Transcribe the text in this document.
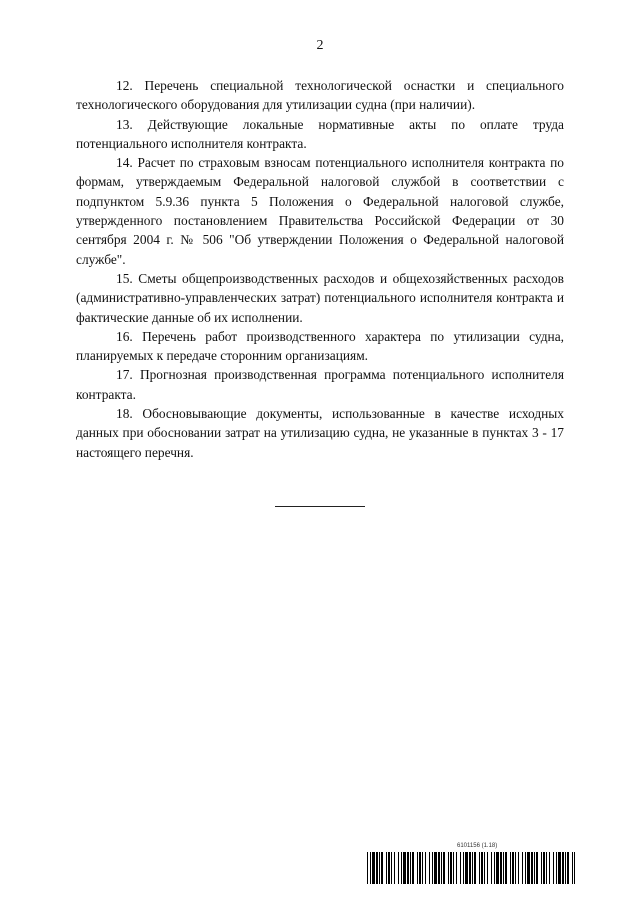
2

12. Перечень специальной технологической оснастки и специального технологического оборудования для утилизации судна (при наличии).

13. Действующие локальные нормативные акты по оплате труда потенциального исполнителя контракта.

14. Расчет по страховым взносам потенциального исполнителя контракта по формам, утверждаемым Федеральной налоговой службой в соответствии с подпунктом 5.9.36 пункта 5 Положения о Федеральной налоговой службе, утвержденного постановлением Правительства Российской Федерации от 30 сентября 2004 г. № 506 "Об утверждении Положения о Федеральной налоговой службе".

15. Сметы общепроизводственных расходов и общехозяйственных расходов (административно-управленческих затрат) потенциального исполнителя контракта и фактические данные об их исполнении.

16. Перечень работ производственного характера по утилизации судна, планируемых к передаче сторонним организациям.

17. Прогнозная производственная программа потенциального исполнителя контракта.

18. Обосновывающие документы, использованные в качестве исходных данных при обосновании затрат на утилизацию судна, не указанные в пунктах 3 - 17 настоящего перечня.

6101156 (1.18)
